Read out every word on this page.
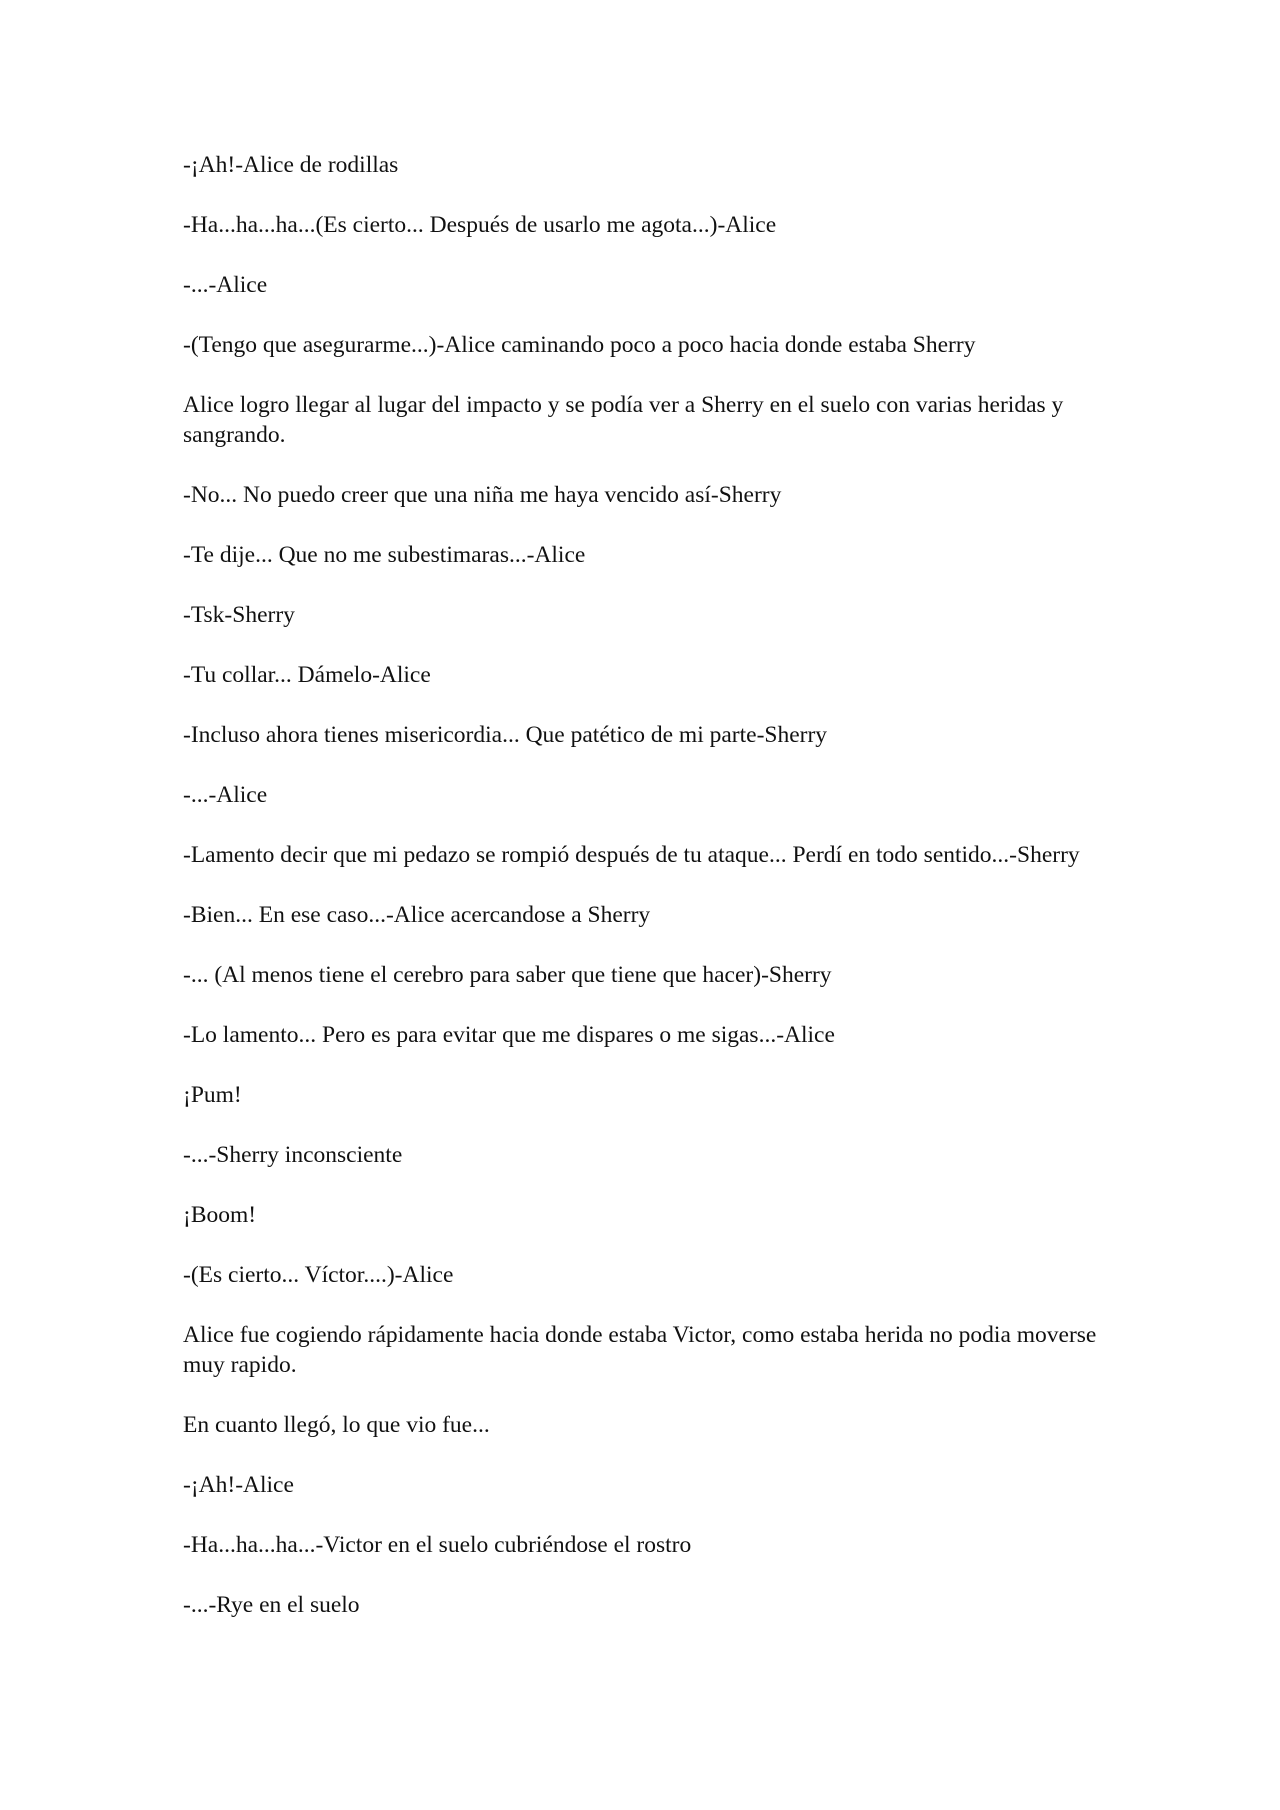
-¡Ah!-Alice de rodillas

-Ha...ha...ha...(Es cierto... Después de usarlo me agota...)-Alice

-...-Alice

-(Tengo que asegurarme...)-Alice caminando poco a poco hacia donde estaba Sherry

Alice logro llegar al lugar del impacto y se podía ver a Sherry en el suelo con varias heridas y sangrando.

-No... No puedo creer que una niña me haya vencido así-Sherry

-Te dije... Que no me subestimaras...-Alice

-Tsk-Sherry

-Tu collar... Dámelo-Alice

-Incluso ahora tienes misericordia... Que patético de mi parte-Sherry

-...-Alice

-Lamento decir que mi pedazo se rompió después de tu ataque... Perdí en todo sentido...-Sherry

-Bien... En ese caso...-Alice acercandose a Sherry

-... (Al menos tiene el cerebro para saber que tiene que hacer)-Sherry

-Lo lamento... Pero es para evitar que me dispares o me sigas...-Alice

¡Pum!

-...-Sherry inconsciente

¡Boom!

-(Es cierto... Víctor....)-Alice

Alice fue cogiendo rápidamente hacia donde estaba Victor, como estaba herida no podia moverse muy rapido.

En cuanto llegó, lo que vio fue...

-¡Ah!-Alice

-Ha...ha...ha...-Victor en el suelo cubriéndose el rostro

-...-Rye en el suelo
